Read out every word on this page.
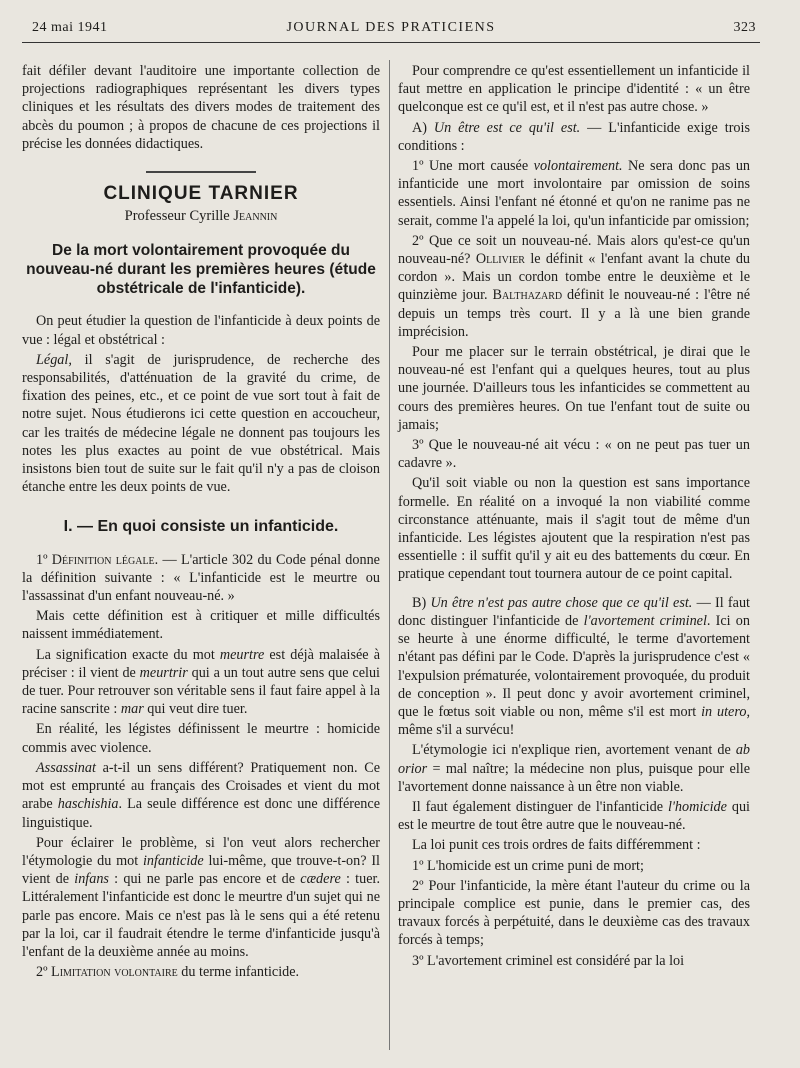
24 mai 1941	JOURNAL DES PRATICIENS	323

fait défiler devant l'auditoire une importante collection de projections radiographiques représentant les divers types cliniques et les résultats des divers modes de traitement des abcès du poumon ; à propos de chacune de ces projections il précise les données didactiques.

CLINIQUE TARNIER
Professeur Cyrille Jeannin
De la mort volontairement provoquée du nouveau-né durant les premières heures (étude obstétricale de l'infanticide).

On peut étudier la question de l'infanticide à deux points de vue : légal et obstétrical :

Légal, il s'agit de jurisprudence, de recherche des responsabilités, d'atténuation de la gravité du crime, de fixation des peines, etc., et ce point de vue sort tout à fait de notre sujet. Nous étudierons ici cette question en accoucheur, car les traités de médecine légale ne donnent pas toujours les notes les plus exactes au point de vue obstétrical. Mais insistons bien tout de suite sur le fait qu'il n'y a pas de cloison étanche entre les deux points de vue.

I. — En quoi consiste un infanticide.

1º Définition légale. — L'article 302 du Code pénal donne la définition suivante : « L'infanticide est le meurtre ou l'assassinat d'un enfant nouveau-né. »

Mais cette définition est à critiquer et mille difficultés naissent immédiatement.

La signification exacte du mot meurtre est déjà malaisée à préciser : il vient de meurtrir qui a un tout autre sens que celui de tuer. Pour retrouver son véritable sens il faut faire appel à la racine sanscrite : mar qui veut dire tuer.

En réalité, les légistes définissent le meurtre : homicide commis avec violence.

Assassinat a-t-il un sens différent? Pratiquement non. Ce mot est emprunté au français des Croisades et vient du mot arabe haschishia. La seule différence est donc une différence linguistique.

Pour éclairer le problème, si l'on veut alors rechercher l'étymologie du mot infanticide lui-même, que trouve-t-on? Il vient de infans : qui ne parle pas encore et de cædere : tuer. Littéralement l'infanticide est donc le meurtre d'un sujet qui ne parle pas encore. Mais ce n'est pas là le sens qui a été retenu par la loi, car il faudrait étendre le terme d'infanticide jusqu'à l'enfant de la deuxième année au moins.

2º Limitation volontaire du terme infanticide.

Pour comprendre ce qu'est essentiellement un infanticide il faut mettre en application le principe d'identité : « un être quelconque est ce qu'il est, et il n'est pas autre chose. »

A) Un être est ce qu'il est. — L'infanticide exige trois conditions :

1º Une mort causée volontairement. Ne sera donc pas un infanticide une mort involontaire par omission de soins essentiels. Ainsi l'enfant né étonné et qu'on ne ranime pas ne serait, comme l'a appelé la loi, qu'un infanticide par omission;

2º Que ce soit un nouveau-né. Mais alors qu'est-ce qu'un nouveau-né? Ollivier le définit « l'enfant avant la chute du cordon ». Mais un cordon tombe entre le deuxième et le quinzième jour. Balthazard définit le nouveau-né : l'être né depuis un temps très court. Il y a là une bien grande imprécision.

Pour me placer sur le terrain obstétrical, je dirai que le nouveau-né est l'enfant qui a quelques heures, tout au plus une journée. D'ailleurs tous les infanticides se commettent au cours des premières heures. On tue l'enfant tout de suite ou jamais;

3º Que le nouveau-né ait vécu : « on ne peut pas tuer un cadavre ».

Qu'il soit viable ou non la question est sans importance formelle. En réalité on a invoqué la non viabilité comme circonstance atténuante, mais il s'agit tout de même d'un infanticide. Les légistes ajoutent que la respiration n'est pas essentielle : il suffit qu'il y ait eu des battements du cœur. En pratique cependant tout tournera autour de ce point capital.

B) Un être n'est pas autre chose que ce qu'il est. — Il faut donc distinguer l'infanticide de l'avortement criminel. Ici on se heurte à une énorme difficulté, le terme d'avortement n'étant pas défini par le Code. D'après la jurisprudence c'est « l'expulsion prématurée, volontairement provoquée, du produit de conception ». Il peut donc y avoir avortement criminel, que le fœtus soit viable ou non, même s'il est mort in utero, même s'il a survécu!

L'étymologie ici n'explique rien, avortement venant de ab orior = mal naître; la médecine non plus, puisque pour elle l'avortement donne naissance à un être non viable.

Il faut également distinguer de l'infanticide l'homicide qui est le meurtre de tout être autre que le nouveau-né.

La loi punit ces trois ordres de faits différemment :

1º L'homicide est un crime puni de mort;

2º Pour l'infanticide, la mère étant l'auteur du crime ou la principale complice est punie, dans le premier cas, des travaux forcés à perpétuité, dans le deuxième cas des travaux forcés à temps;

3º L'avortement criminel est considéré par la loi
